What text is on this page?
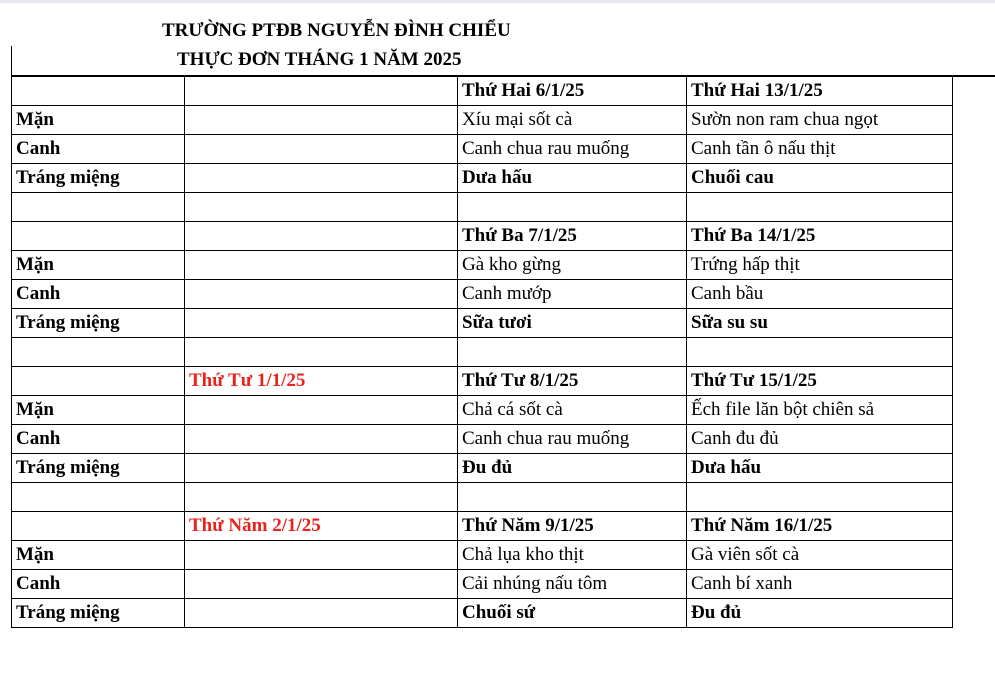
TRƯỜNG PTĐB NGUYỄN ĐÌNH CHIỂU
THỰC ĐƠN THÁNG 1 NĂM 2025
		Thứ Hai 6/1/25	Thứ Hai 13/1/25
Mặn		Xíu mại sốt cà	Sườn non ram chua ngọt
Canh		Canh chua rau muống	Canh tần ô nấu thịt
Tráng miệng		Dưa hấu	Chuối cau

		Thứ Ba 7/1/25	Thứ Ba 14/1/25
Mặn		Gà kho gừng	Trứng hấp thịt
Canh		Canh mướp	Canh bầu
Tráng miệng		Sữa tươi	Sữa su su

	Thứ Tư 1/1/25	Thứ Tư 8/1/25	Thứ Tư 15/1/25
Mặn		Chả cá sốt cà	Ếch file lăn bột chiên sả
Canh		Canh chua rau muống	Canh đu đủ
Tráng miệng		Đu đủ	Dưa hấu

	Thứ Năm 2/1/25	Thứ Năm 9/1/25	Thứ Năm 16/1/25
Mặn		Chả lụa kho thịt	Gà viên sốt cà
Canh		Cải nhúng nấu tôm	Canh bí xanh
Tráng miệng		Chuối sứ	Đu đủ
